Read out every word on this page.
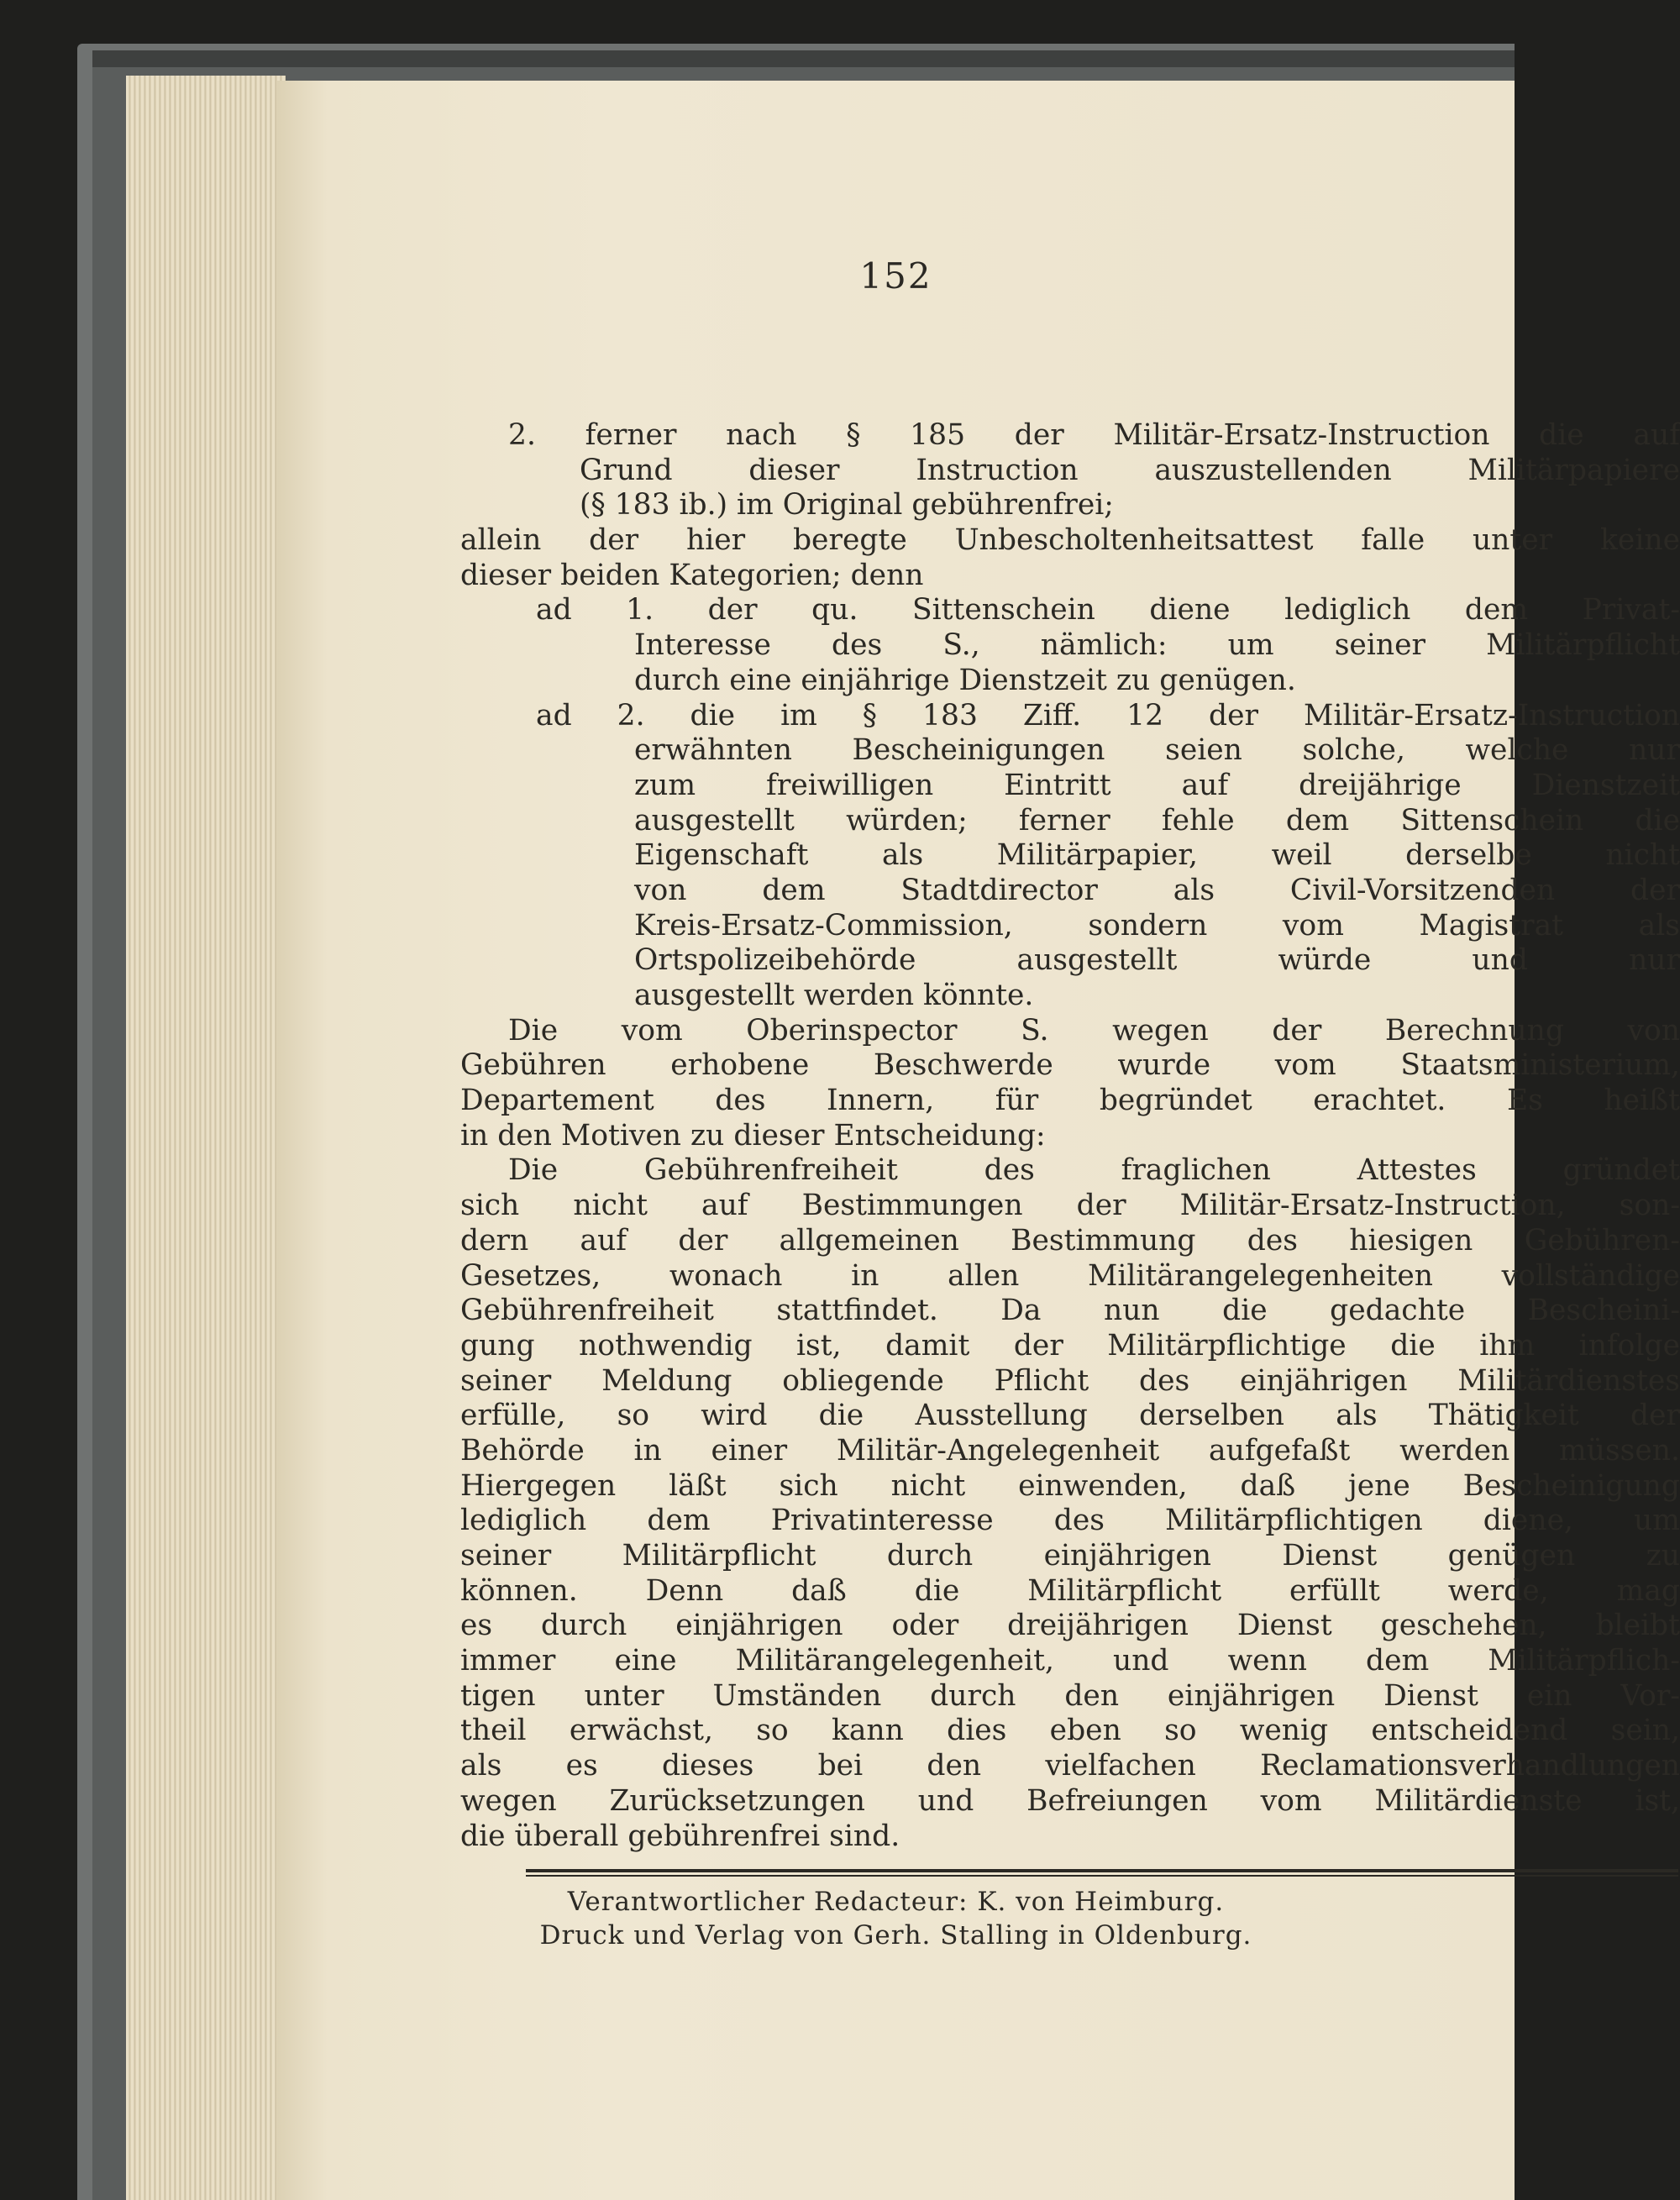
152
2. ferner nach § 185 der Militär-Ersatz-Instruction die auf
Grund dieser Instruction auszustellenden Militärpapiere
(§ 183 ib.) im Original gebührenfrei;
allein der hier beregte Unbescholtenheitsattest falle unter keine
dieser beiden Kategorien; denn
ad 1. der qu. Sittenschein diene lediglich dem Privat-
Interesse des S., nämlich: um seiner Militärpflicht
durch eine einjährige Dienstzeit zu genügen.
ad 2. die im § 183 Ziff. 12 der Militär-Ersatz-Instruction
erwähnten Bescheinigungen seien solche, welche nur
zum freiwilligen Eintritt auf dreijährige Dienstzeit
ausgestellt würden; ferner fehle dem Sittenschein die
Eigenschaft als Militärpapier, weil derselbe nicht
von dem Stadtdirector als Civil-Vorsitzenden der
Kreis-Ersatz-Commission, sondern vom Magistrat als
Ortspolizeibehörde ausgestellt würde und nur
ausgestellt werden könnte.
Die vom Oberinspector S. wegen der Berechnung von
Gebühren erhobene Beschwerde wurde vom Staatsministerium,
Departement des Innern, für begründet erachtet. Es heißt
in den Motiven zu dieser Entscheidung:
Die Gebührenfreiheit des fraglichen Attestes gründet
sich nicht auf Bestimmungen der Militär-Ersatz-Instruction, son-
dern auf der allgemeinen Bestimmung des hiesigen Gebühren-
Gesetzes, wonach in allen Militärangelegenheiten vollständige
Gebührenfreiheit stattfindet. Da nun die gedachte Bescheini-
gung nothwendig ist, damit der Militärpflichtige die ihm infolge
seiner Meldung obliegende Pflicht des einjährigen Militärdienstes
erfülle, so wird die Ausstellung derselben als Thätigkeit der
Behörde in einer Militär-Angelegenheit aufgefaßt werden müssen.
Hiergegen läßt sich nicht einwenden, daß jene Bescheinigung
lediglich dem Privatinteresse des Militärpflichtigen diene, um
seiner Militärpflicht durch einjährigen Dienst genügen zu
können. Denn daß die Militärpflicht erfüllt werde, mag
es durch einjährigen oder dreijährigen Dienst geschehen, bleibt
immer eine Militärangelegenheit, und wenn dem Militärpflich-
tigen unter Umständen durch den einjährigen Dienst ein Vor-
theil erwächst, so kann dies eben so wenig entscheidend sein,
als es dieses bei den vielfachen Reclamationsverhandlungen
wegen Zurücksetzungen und Befreiungen vom Militärdienste ist,
die überall gebührenfrei sind.
Verantwortlicher Redacteur: K. von Heimburg.
Druck und Verlag von Gerh. Stalling in Oldenburg.
